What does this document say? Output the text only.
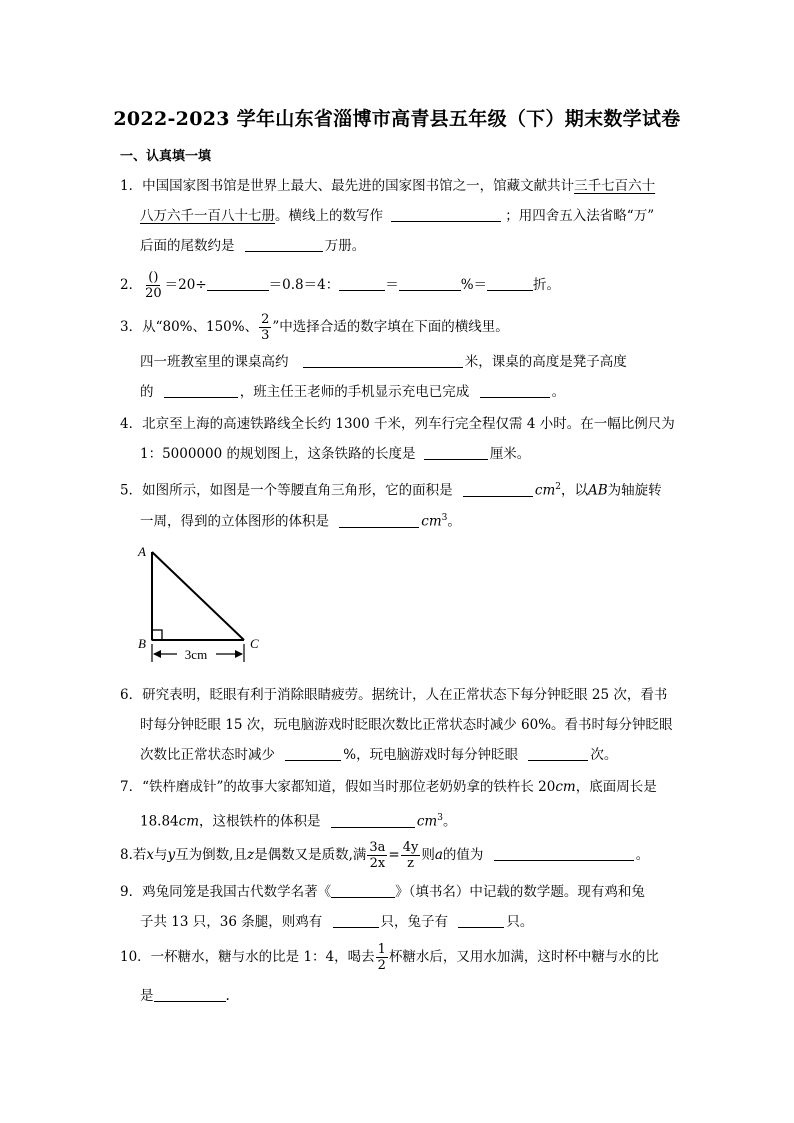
2022-2023 学年山东省淄博市高青县五年级（下）期末数学试卷
一、认真填一填
1．中国国家图书馆是世界上最大、最先进的国家图书馆之一，馆藏文献共计三千七百六十
八万六千一百八十七册。横线上的数写作	；用四舍五入法省略“万”
后面的尾数约是	万册。
2． $\frac{()}{20} =20\div$	＝0.8＝4：	＝	%＝	折。
3．从“80%、150%、 $\frac{2}{3}$ ”中选择合适的数字填在下面的横线里。
四一班教室里的课桌高约	米，课桌的高度是凳子高度
的	，班主任王老师的手机显示充电已完成	。
4．北京至上海的高速铁路线全长约 1300 千米，列车行完全程仅需 4 小时。在一幅比例尺为
1：5000000 的规划图上，这条铁路的长度是	厘米。
5．如图所示，如图是一个等腰直角三角形，它的面积是	$cm^2$，以AB为轴旋转
一周，得到的立体图形的体积是	$cm^3$。
3cm
A
B	C
6．研究表明，眨眼有利于消除眼睛疲劳。据统计，人在正常状态下每分钟眨眼 25 次，看书
时每分钟眨眼 15 次，玩电脑游戏时眨眼次数比正常状态时减少 60%。看书时每分钟眨眼
次数比正常状态时减少	%，玩电脑游戏时每分钟眨眼	次。
7．“铁杵磨成针”的故事大家都知道，假如当时那位老奶奶拿的铁杵长 20cm，底面周长是
18.84cm，这根铁杵的体积是	$cm^3$。
8.若x与y互为倒数,且z是偶数又是质数,满 $\frac{3a}{2x} = \frac{4y}{z}$ 则a的值为	。
9．鸡兔同笼是我国古代数学名著《	》（填书名）中记载的数学题。现有鸡和兔
子共 13 只，36 条腿，则鸡有	只，兔子有	只。
10．一杯糖水，糖与水的比是 1：4，喝去 $\frac{1}{2}$ 杯糖水后，又用水加满，这时杯中糖与水的比
是	.
